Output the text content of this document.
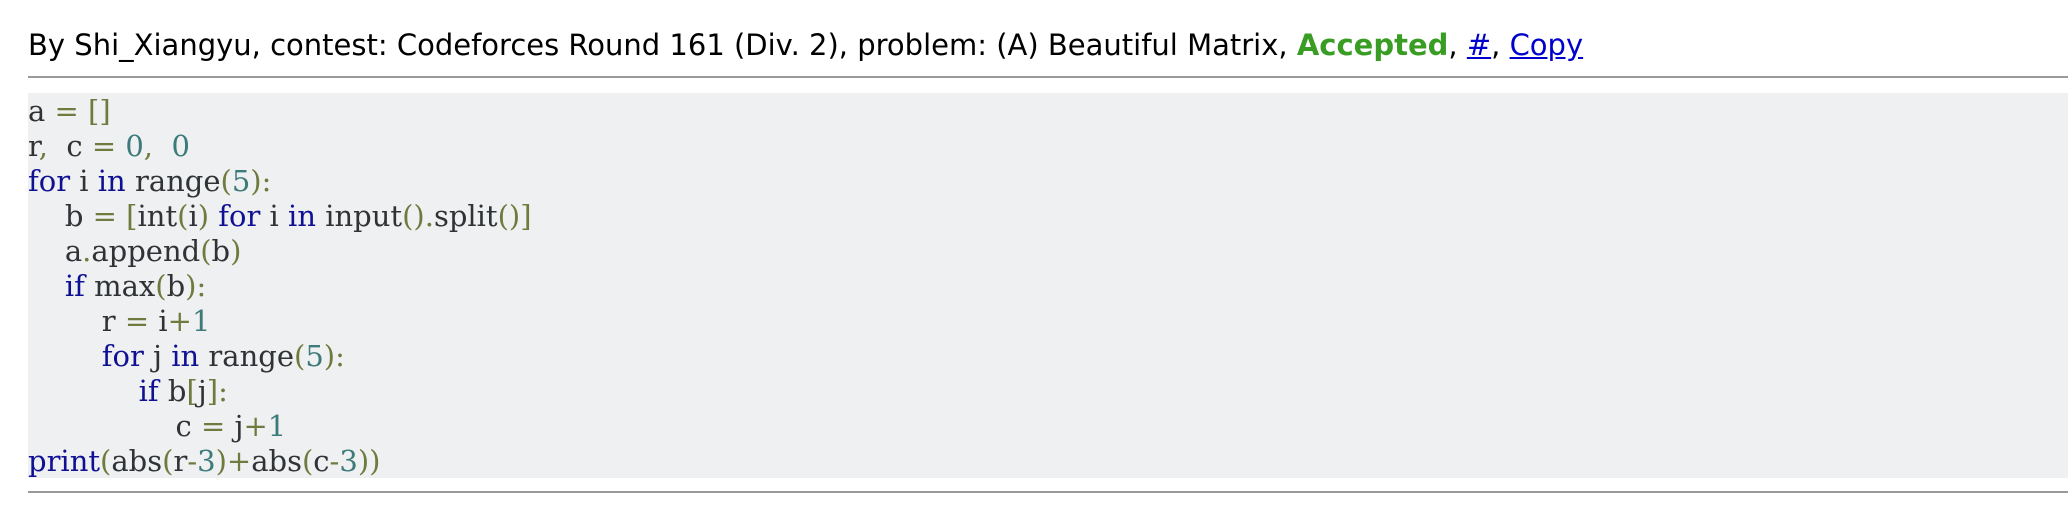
By Shi_Xiangyu, contest: Codeforces Round 161 (Div. 2), problem: (A) Beautiful Matrix, Accepted, #, Copy
a = []
r,  c = 0,  0
for i in range(5):
b = [int(i) for i in input().split()]
a.append(b)
if max(b):
r = i+1
for j in range(5):
if b[j]:
c = j+1
print(abs(r-3)+abs(c-3))
